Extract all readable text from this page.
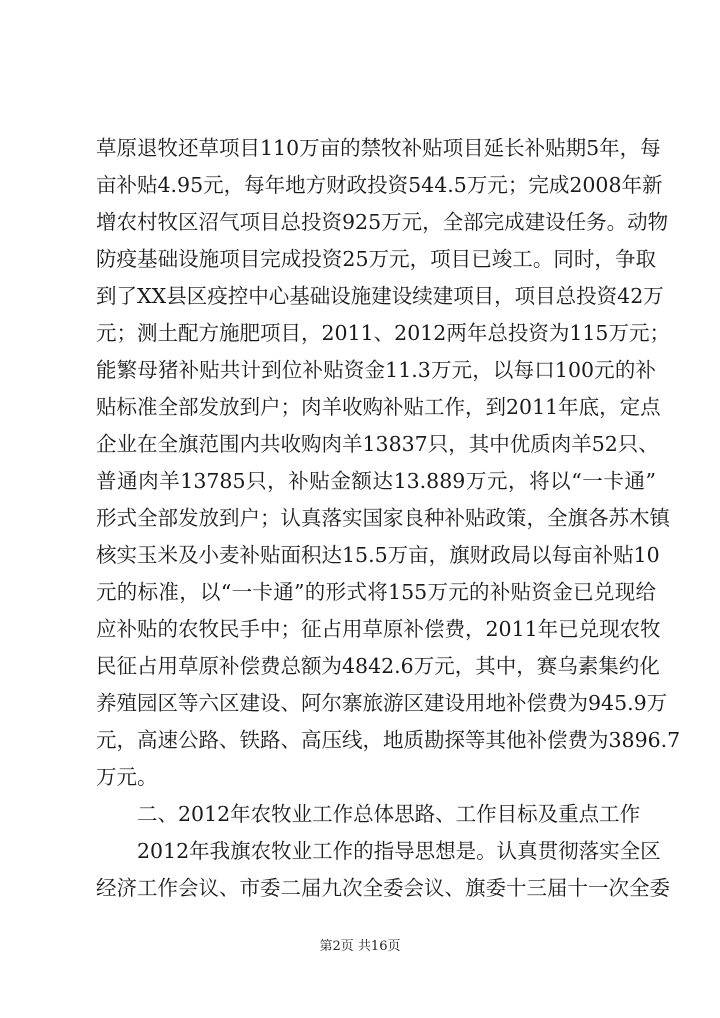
草原退牧还草项目110万亩的禁牧补贴项目延长补贴期5年，每
亩补贴4.95元，每年地方财政投资544.5万元；完成2008年新
增农村牧区沼气项目总投资925万元，全部完成建设任务。动物
防疫基础设施项目完成投资25万元，项目已竣工。同时，争取
到了XX县区疫控中心基础设施建设续建项目，项目总投资42万
元；测土配方施肥项目，2011、2012两年总投资为115万元；
能繁母猪补贴共计到位补贴资金11.3万元，以每口100元的补
贴标准全部发放到户；肉羊收购补贴工作，到2011年底，定点
企业在全旗范围内共收购肉羊13837只，其中优质肉羊52只、
普通肉羊13785只，补贴金额达13.889万元，将以“一卡通”
形式全部发放到户；认真落实国家良种补贴政策，全旗各苏木镇
核实玉米及小麦补贴面积达15.5万亩，旗财政局以每亩补贴10
元的标准，以“一卡通”的形式将155万元的补贴资金已兑现给
应补贴的农牧民手中；征占用草原补偿费，2011年已兑现农牧
民征占用草原补偿费总额为4842.6万元，其中，赛乌素集约化
养殖园区等六区建设、阿尔寨旅游区建设用地补偿费为945.9万
元，高速公路、铁路、高压线，地质勘探等其他补偿费为3896.7
万元。
二、2012年农牧业工作总体思路、工作目标及重点工作
2012年我旗农牧业工作的指导思想是。认真贯彻落实全区
经济工作会议、市委二届九次全委会议、旗委十三届十一次全委
第2页 共16页
